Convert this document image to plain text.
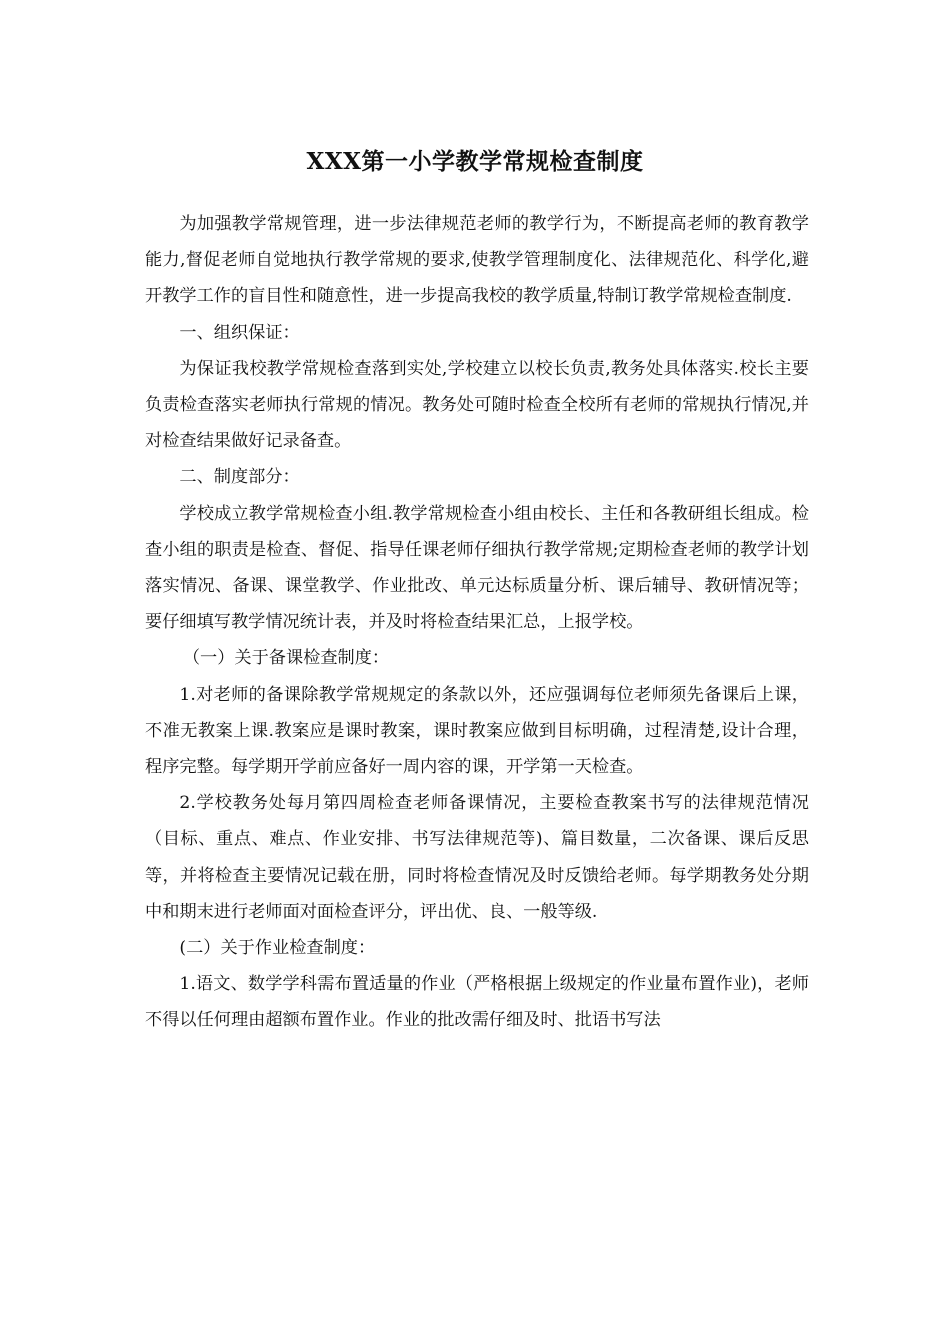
XXX第一小学教学常规检查制度

为加强教学常规管理，进一步法律规范老师的教学行为，不断提高老师的教育教学能力,督促老师自觉地执行教学常规的要求,使教学管理制度化、法律规范化、科学化,避开教学工作的盲目性和随意性，进一步提高我校的教学质量,特制订教学常规检查制度.

一、组织保证：

为保证我校教学常规检查落到实处,学校建立以校长负责,教务处具体落实.校长主要负责检查落实老师执行常规的情况。教务处可随时检查全校所有老师的常规执行情况,并对检查结果做好记录备查。

二、制度部分：

学校成立教学常规检查小组.教学常规检查小组由校长、主任和各教研组长组成。检查小组的职责是检查、督促、指导任课老师仔细执行教学常规;定期检查老师的教学计划落实情况、备课、课堂教学、作业批改、单元达标质量分析、课后辅导、教研情况等；要仔细填写教学情况统计表，并及时将检查结果汇总，上报学校。

（一）关于备课检查制度：

1.对老师的备课除教学常规规定的条款以外，还应强调每位老师须先备课后上课，不准无教案上课.教案应是课时教案，课时教案应做到目标明确，过程清楚,设计合理，程序完整。每学期开学前应备好一周内容的课，开学第一天检查。

2.学校教务处每月第四周检查老师备课情况，主要检查教案书写的法律规范情况（目标、重点、难点、作业安排、书写法律规范等)、篇目数量，二次备课、课后反思等，并将检查主要情况记载在册，同时将检查情况及时反馈给老师。每学期教务处分期中和期末进行老师面对面检查评分，评出优、良、一般等级.

(二）关于作业检查制度：

1.语文、数学学科需布置适量的作业（严格根据上级规定的作业量布置作业)，老师不得以任何理由超额布置作业。作业的批改需仔细及时、批语书写法
